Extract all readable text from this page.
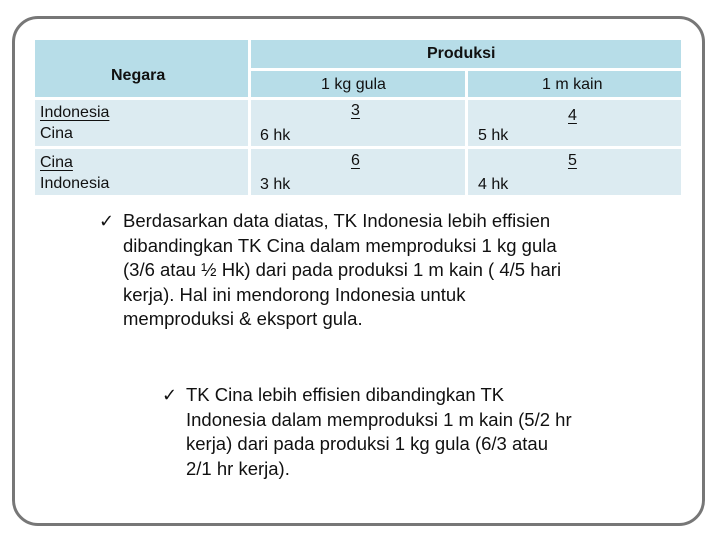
Negara
Produksi
1 kg gula	1 m kain
Indonesia
Cina
3
6 hk
4
5 hk
Cina
Indonesia
6
3 hk
5
4 hk
✓ Berdasarkan data diatas, TK Indonesia lebih effisien
dibandingkan TK Cina dalam memproduksi 1 kg gula
(3/6 atau ½ Hk) dari pada produksi 1 m kain ( 4/5 hari
kerja). Hal ini mendorong Indonesia untuk
memproduksi & eksport gula.
✓ TK Cina lebih effisien dibandingkan TK
Indonesia dalam memproduksi 1 m kain (5/2 hr
kerja) dari pada produksi 1 kg gula (6/3 atau
2/1 hr kerja).
